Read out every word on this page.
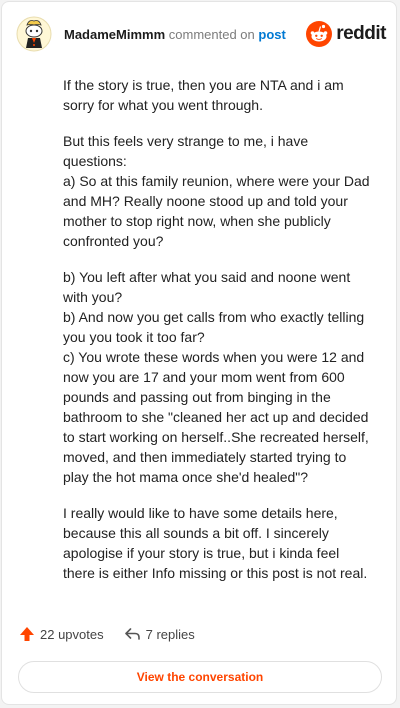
MadameMimmm commented on post	reddit

If the story is true, then you are NTA and i am sorry for what you went through.

But this feels very strange to me, i have questions:
a) So at this family reunion, where were your Dad and MH? Really noone stood up and told your mother to stop right now, when she publicly confronted you?

b) You left after what you said and noone went with you?
b) And now you get calls from who exactly telling you you took it too far?
c) You wrote these words when you were 12 and now you are 17 and your mom went from 600 pounds and passing out from binging in the bathroom to she "cleaned her act up and decided to start working on herself..She recreated herself, moved, and then immediately started trying to play the hot mama once she'd healed"?

I really would like to have some details here, because this all sounds a bit off. I sincerely apologise if your story is true, but i kinda feel there is either Info missing or this post is not real.

22 upvotes	7 replies
View the conversation
